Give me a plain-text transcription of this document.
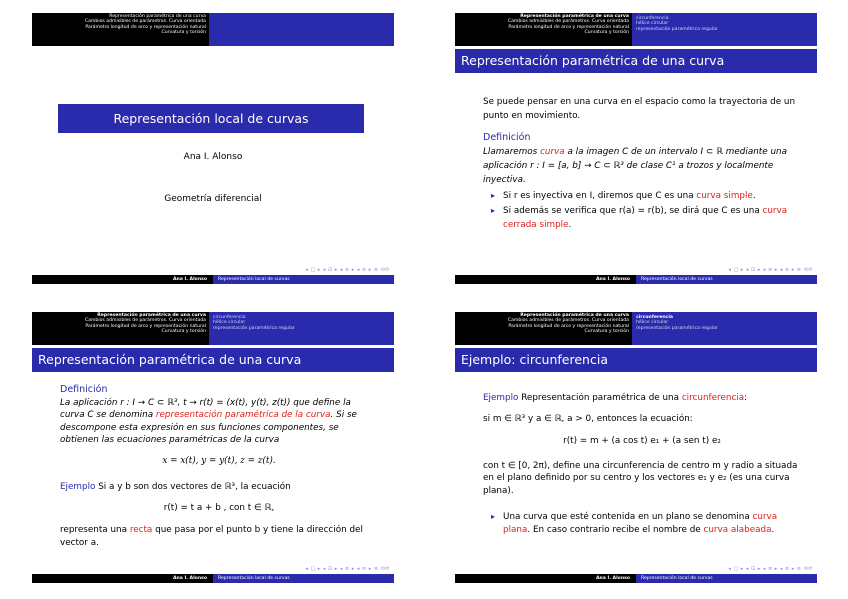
Representación paramétrica de una curva
Cambios admisibles de parámetros. Curva orientada
Parámetro longitud de arco y representación natural
Curvatura y torsión
Representación local de curvas
Ana I. Alonso
Geometría diferencial
◂ □ ▸ ◂ ⊡ ▸ ◂ ≡ ▸ ◂ ≡ ▸ ≡ ⟲⟳
Ana I. Alonso	Representación local de curvas
Representación paramétrica de una curva
Cambios admisibles de parámetros. Curva orientada
Parámetro longitud de arco y representación natural
Curvatura y torsión
circunferencia
hélice circular
representación paramétrica regular
Representación paramétrica de una curva
Se puede pensar en una curva en el espacio como la trayectoria de un punto en movimiento.
Definición
Llamaremos curva a la imagen C de un intervalo I ⊂ ℝ mediante una aplicación r : I = [a, b] → C ⊂ ℝ³ de clase C¹ a trozos y localmente inyectiva.
▸ Si r es inyectiva en I, diremos que C es una curva simple.
▸ Si además se verifica que r(a) = r(b), se dirá que C es una curva cerrada simple.
◂ □ ▸ ◂ ⊡ ▸ ◂ ≡ ▸ ◂ ≡ ▸ ≡ ⟲⟳
Ana I. Alonso	Representación local de curvas
Representación paramétrica de una curva
Cambios admisibles de parámetros. Curva orientada
Parámetro longitud de arco y representación natural
Curvatura y torsión
circunferencia
hélice circular
representación paramétrica regular
Representación paramétrica de una curva
Definición
La aplicación r : I → C ⊂ ℝ³, t → r(t) = (x(t), y(t), z(t)) que define la curva C se denomina representación paramétrica de la curva. Si se descompone esta expresión en sus funciones componentes, se obtienen las ecuaciones paramétricas de la curva
x = x(t), y = y(t), z = z(t).
Ejemplo Si a y b son dos vectores de ℝ³, la ecuación
r(t) = t a + b , con t ∈ ℝ,
representa una recta que pasa por el punto b y tiene la dirección del vector a.
◂ □ ▸ ◂ ⊡ ▸ ◂ ≡ ▸ ◂ ≡ ▸ ≡ ⟲⟳
Ana I. Alonso	Representación local de curvas
Representación paramétrica de una curva
Cambios admisibles de parámetros. Curva orientada
Parámetro longitud de arco y representación natural
Curvatura y torsión
circunferencia
hélice circular
representación paramétrica regular
Ejemplo: circunferencia
Ejemplo Representación paramétrica de una circunferencia:
si m ∈ ℝ³ y a ∈ ℝ, a > 0, entonces la ecuación:
r(t) = m + (a cos t) e₁ + (a sen t) e₂
con t ∈ [0, 2π), define una circunferencia de centro m y radio a situada en el plano definido por su centro y los vectores e₁ y e₂ (es una curva plana).
▸ Una curva que esté contenida en un plano se denomina curva plana. En caso contrario recibe el nombre de curva alabeada.
◂ □ ▸ ◂ ⊡ ▸ ◂ ≡ ▸ ◂ ≡ ▸ ≡ ⟲⟳
Ana I. Alonso	Representación local de curvas
